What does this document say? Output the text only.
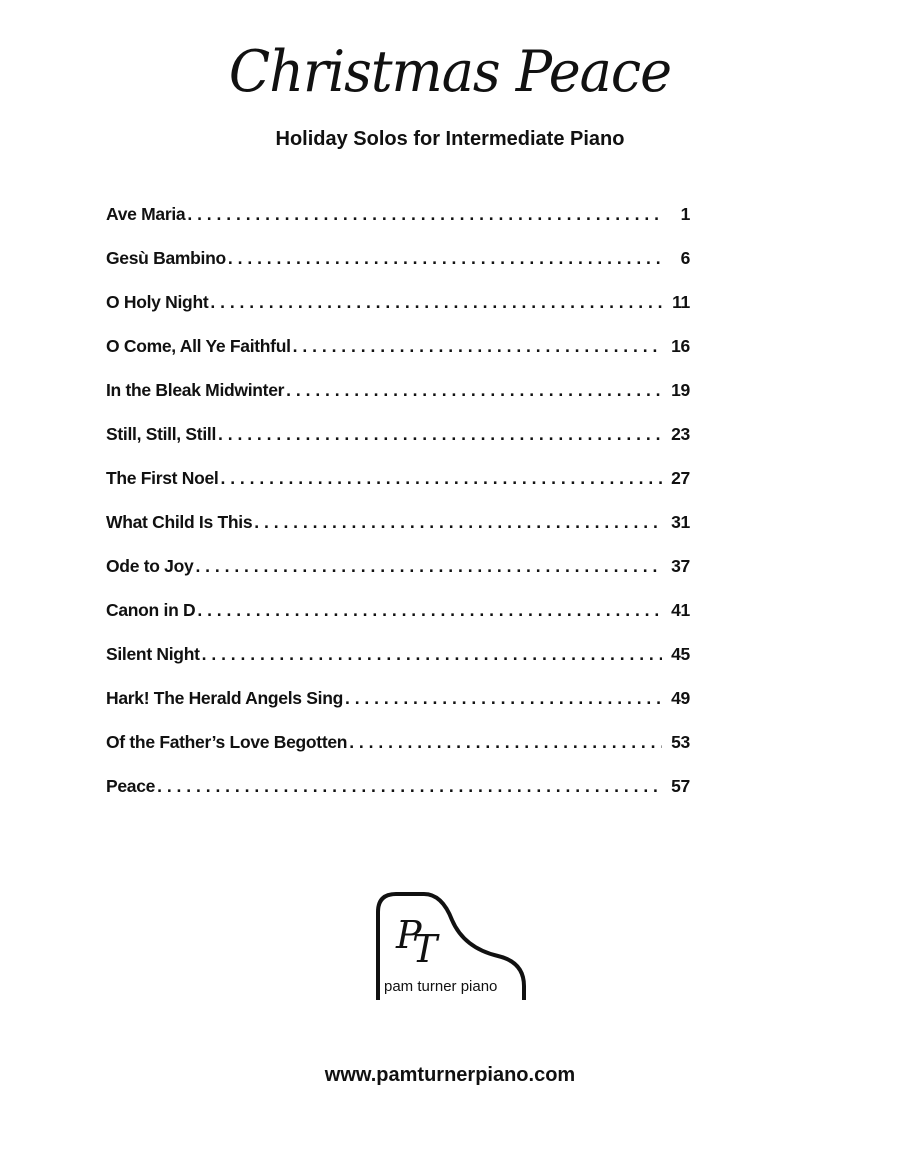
Christmas Peace
Holiday Solos for Intermediate Piano
Ave Maria . . .	1
Gesù Bambino . . .	6
O Holy Night . . .	11
O Come, All Ye Faithful . . .	16
In the Bleak Midwinter . . .	19
Still, Still, Still . . .	23
The First Noel . . .	27
What Child Is This . . .	31
Ode to Joy . . .	37
Canon in D . . .	41
Silent Night . . .	45
Hark! The Herald Angels Sing . . .	49
Of the Father’s Love Begotten . . .	53
Peace . . .	57
P
T
pam turner piano
www.pamturnerpiano.com
